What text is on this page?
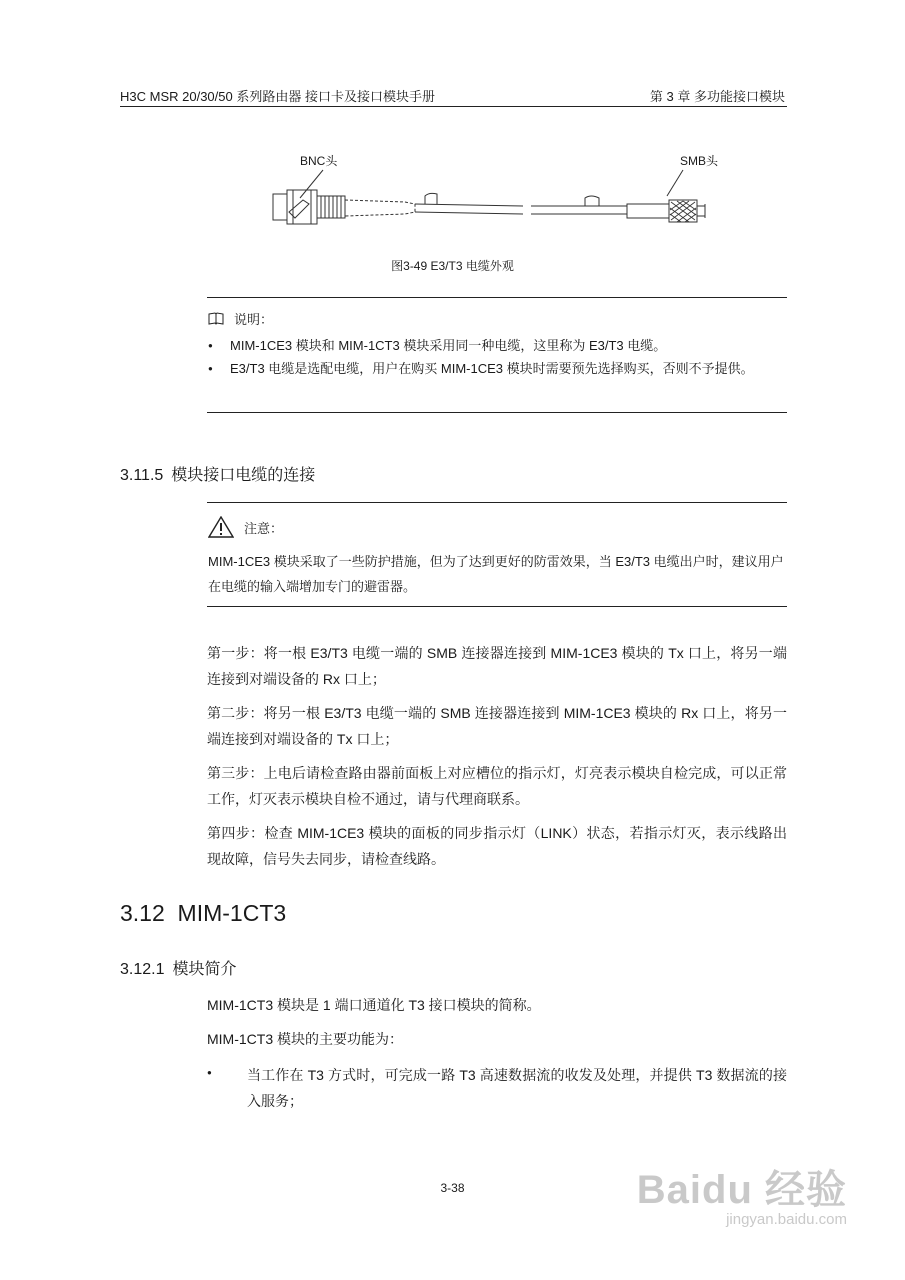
H3C MSR 20/30/50 系列路由器 接口卡及接口模块手册	第 3 章 多功能接口模块
BNC头	SMB头
图3-49 E3/T3 电缆外观
说明：
● MIM-1CE3 模块和 MIM-1CT3 模块采用同一种电缆，这里称为 E3/T3 电缆。
● E3/T3 电缆是选配电缆，用户在购买 MIM-1CE3 模块时需要预先选择购买，否则不予提供。
3.11.5 模块接口电缆的连接
注意：
MIM-1CE3 模块采取了一些防护措施，但为了达到更好的防雷效果，当 E3/T3 电缆出户时，建议用户在电缆的输入端增加专门的避雷器。

第一步：将一根 E3/T3 电缆一端的 SMB 连接器连接到 MIM-1CE3 模块的 Tx 口上，将另一端连接到对端设备的 Rx 口上；

第二步：将另一根 E3/T3 电缆一端的 SMB 连接器连接到 MIM-1CE3 模块的 Rx 口上，将另一端连接到对端设备的 Tx 口上；

第三步：上电后请检查路由器前面板上对应槽位的指示灯，灯亮表示模块自检完成，可以正常工作，灯灭表示模块自检不通过，请与代理商联系。

第四步：检查 MIM-1CE3 模块的面板的同步指示灯（LINK）状态，若指示灯灭，表示线路出现故障，信号失去同步，请检查线路。

3.12 MIM-1CT3
3.12.1 模块简介

MIM-1CT3 模块是 1 端口通道化 T3 接口模块的简称。

MIM-1CT3 模块的主要功能为：

●	当工作在 T3 方式时，可完成一路 T3 高速数据流的收发及处理，并提供 T3 数据流的接入服务；

3-38	Baidu 经验
jingyan.baidu.com
